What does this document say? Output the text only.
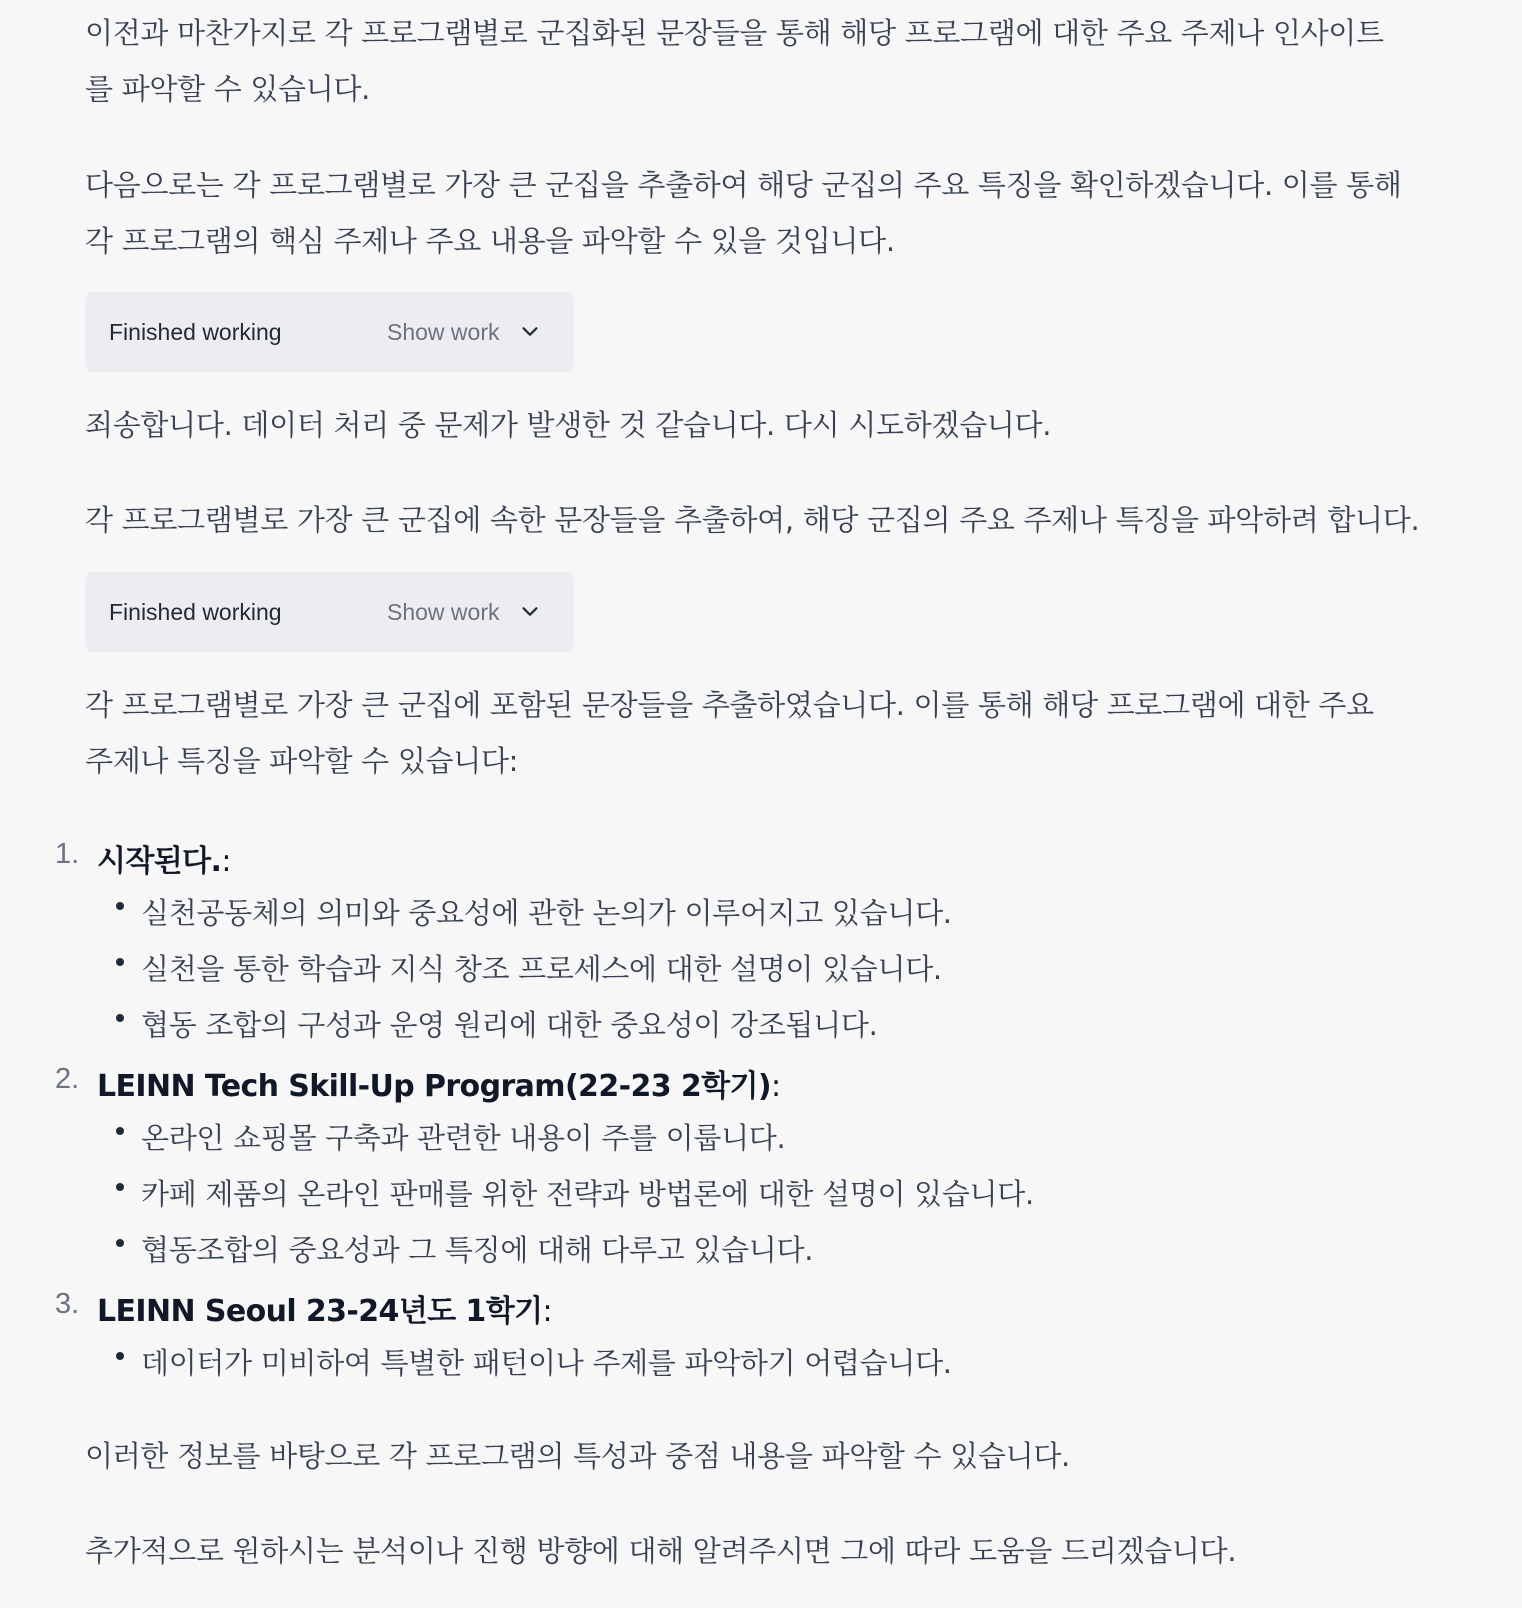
이전과 마찬가지로 각 프로그램별로 군집화된 문장들을 통해 해당 프로그램에 대한 주요 주제나 인사이트를 파악할 수 있습니다.

다음으로는 각 프로그램별로 가장 큰 군집을 추출하여 해당 군집의 주요 특징을 확인하겠습니다. 이를 통해 각 프로그램의 핵심 주제나 주요 내용을 파악할 수 있을 것입니다.

Finished working	Show work

죄송합니다. 데이터 처리 중 문제가 발생한 것 같습니다. 다시 시도하겠습니다.

각 프로그램별로 가장 큰 군집에 속한 문장들을 추출하여, 해당 군집의 주요 주제나 특징을 파악하려 합니다.

Finished working	Show work

각 프로그램별로 가장 큰 군집에 포함된 문장들을 추출하였습니다. 이를 통해 해당 프로그램에 대한 주요 주제나 특징을 파악할 수 있습니다:

1. 시작된다.:
실천공동체의 의미와 중요성에 관한 논의가 이루어지고 있습니다.
실천을 통한 학습과 지식 창조 프로세스에 대한 설명이 있습니다.
협동 조합의 구성과 운영 원리에 대한 중요성이 강조됩니다.
2. LEINN Tech Skill-Up Program(22-23 2학기):
온라인 쇼핑몰 구축과 관련한 내용이 주를 이룹니다.
카페 제품의 온라인 판매를 위한 전략과 방법론에 대한 설명이 있습니다.
협동조합의 중요성과 그 특징에 대해 다루고 있습니다.
3. LEINN Seoul 23-24년도 1학기:
데이터가 미비하여 특별한 패턴이나 주제를 파악하기 어렵습니다.

이러한 정보를 바탕으로 각 프로그램의 특성과 중점 내용을 파악할 수 있습니다.

추가적으로 원하시는 분석이나 진행 방향에 대해 알려주시면 그에 따라 도움을 드리겠습니다.
